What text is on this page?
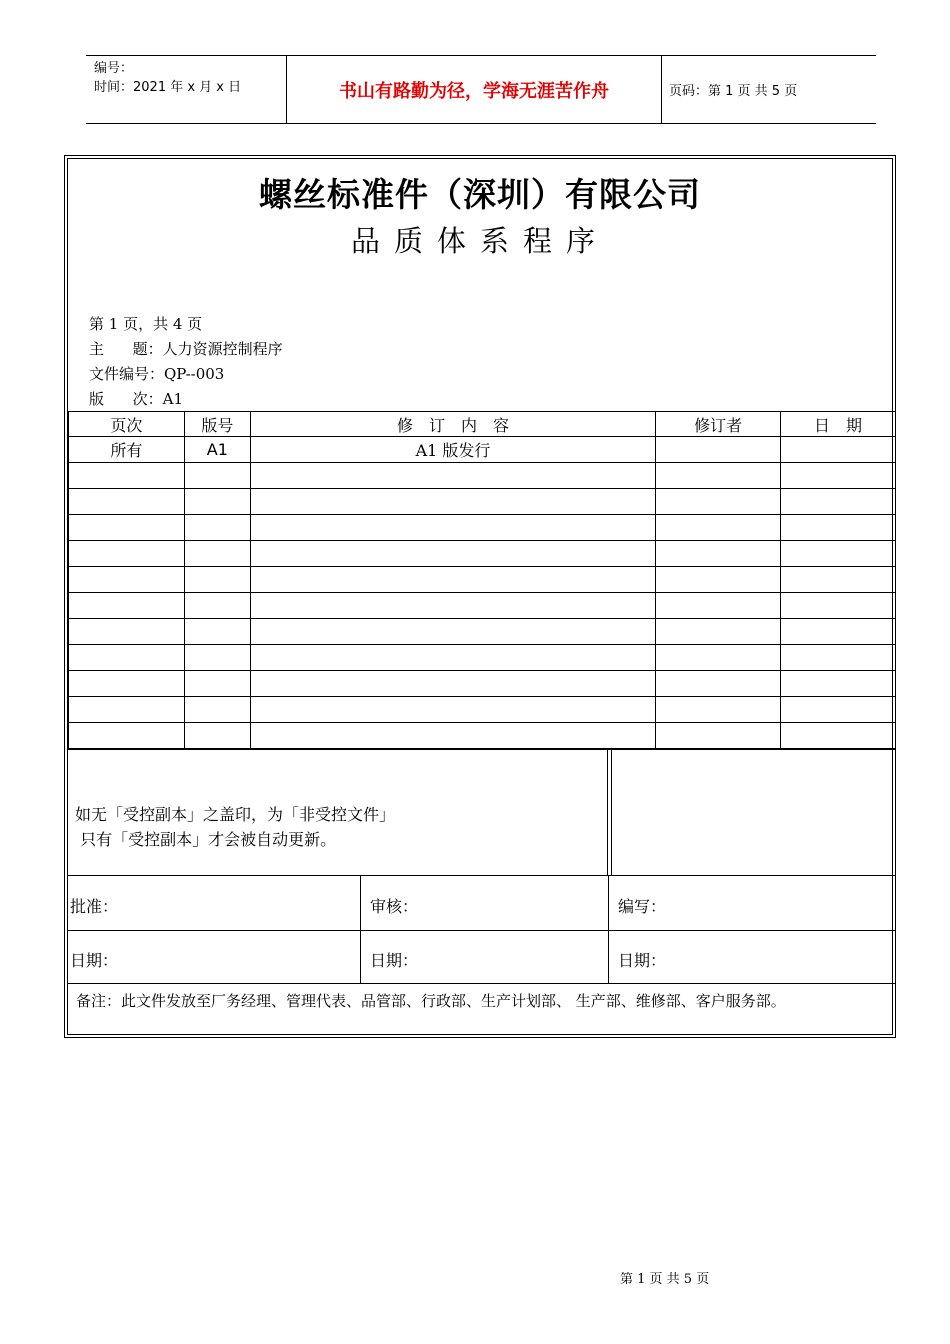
编号：
时间：2021 年 x 月 x 日	书山有路勤为径，学海无涯苦作舟	页码：第 1 页 共 5 页
螺丝标准件（深圳）有限公司
品质体系程序
第 1 页，共 4 页
主      题：人力资源控制程序
文件编号：QP--003
版      次：A1
页次	版号	修　订　内　容	修订者	日　期
所有	A1	A1 版发行		

如无「受控副本」之盖印，为「非受控文件」
只有「受控副本」才会被自动更新。
批准：	审核：	编写：
日期：	日期：	日期：
备注：此文件发放至厂务经理、管理代表、品管部、行政部、生产计划部、 生产部、维修部、客户服务部。
第 1 页 共 5 页
